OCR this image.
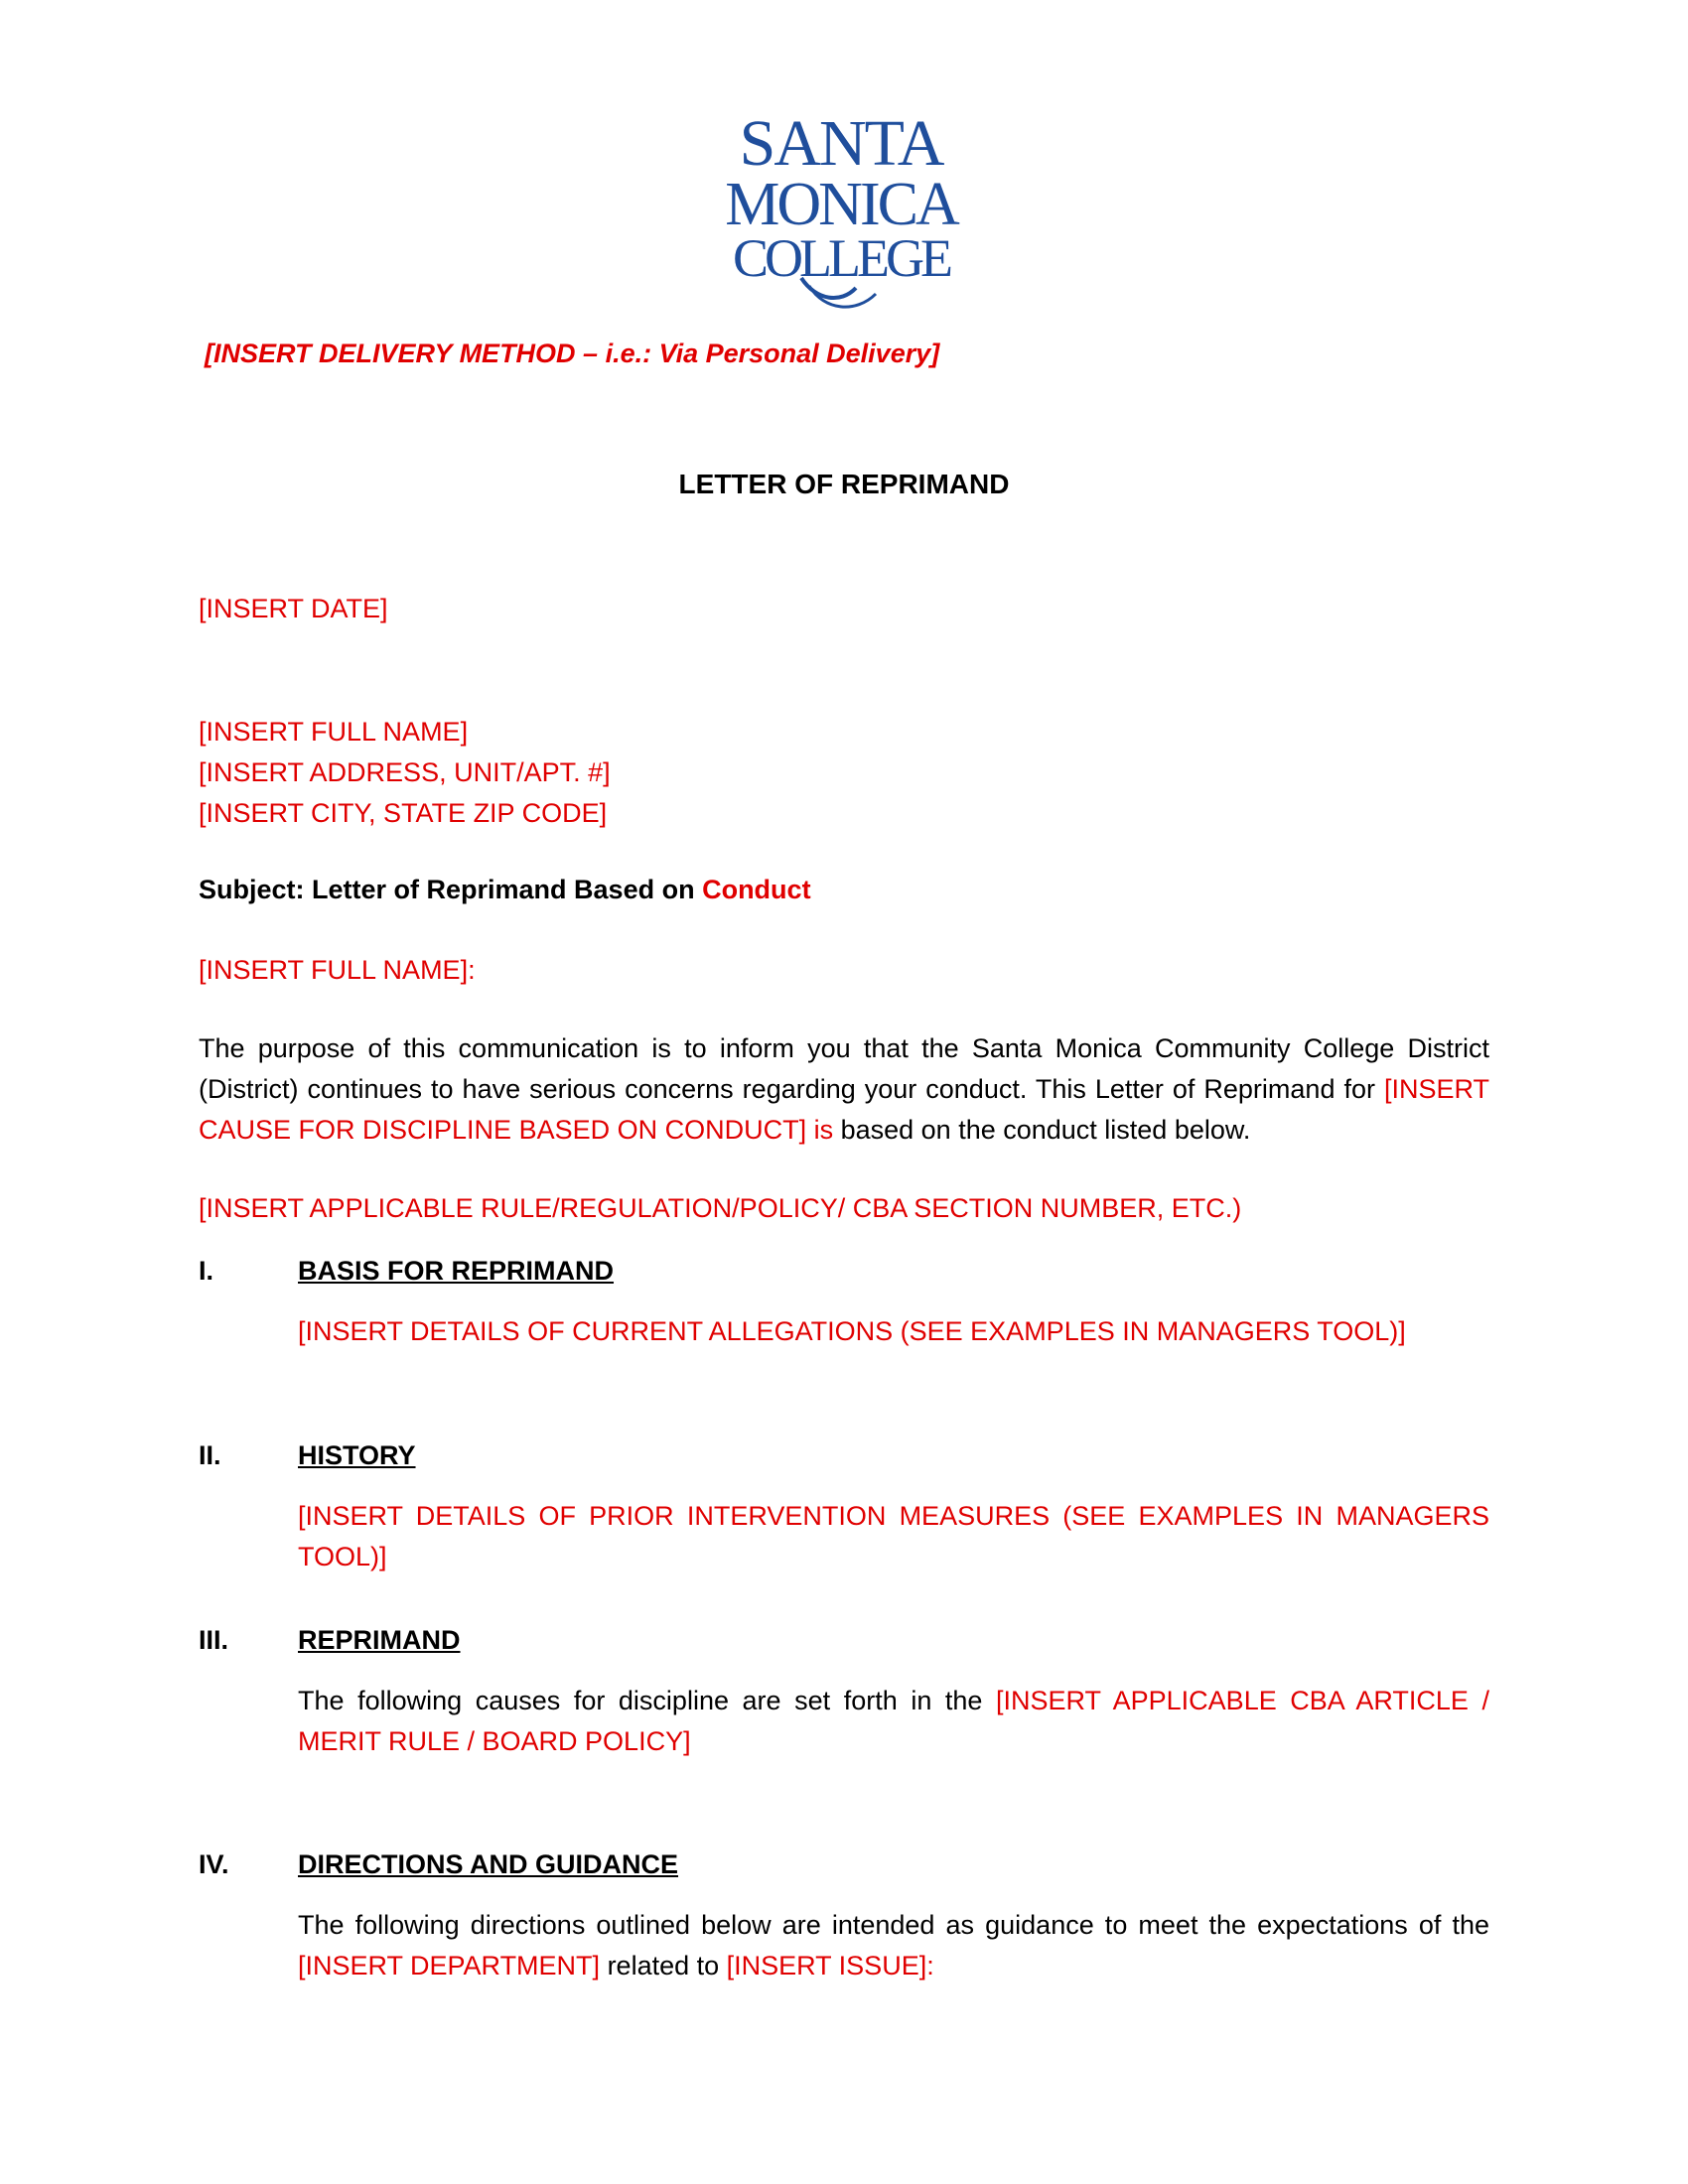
SANTA
MONICA
COLLEGE
[INSERT DELIVERY METHOD – i.e.: Via Personal Delivery]
LETTER OF REPRIMAND
[INSERT DATE]
[INSERT FULL NAME]
[INSERT ADDRESS, UNIT/APT. #]
[INSERT CITY, STATE ZIP CODE]
Subject: Letter of Reprimand Based on Conduct
[INSERT FULL NAME]:
The purpose of this communication is to inform you that the Santa Monica Community College District (District) continues to have serious concerns regarding your conduct. This Letter of Reprimand for [INSERT CAUSE FOR DISCIPLINE BASED ON CONDUCT] is based on the conduct listed below.
[INSERT APPLICABLE RULE/REGULATION/POLICY/ CBA SECTION NUMBER, ETC.)
I.	BASIS FOR REPRIMAND
[INSERT DETAILS OF CURRENT ALLEGATIONS (SEE EXAMPLES IN MANAGERS TOOL)]
II.	HISTORY
[INSERT DETAILS OF PRIOR INTERVENTION MEASURES (SEE EXAMPLES IN MANAGERS TOOL)]
III.	REPRIMAND
The following causes for discipline are set forth in the [INSERT APPLICABLE CBA ARTICLE / MERIT RULE / BOARD POLICY]
IV.	DIRECTIONS AND GUIDANCE
The following directions outlined below are intended as guidance to meet the expectations of the [INSERT DEPARTMENT] related to [INSERT ISSUE]:
